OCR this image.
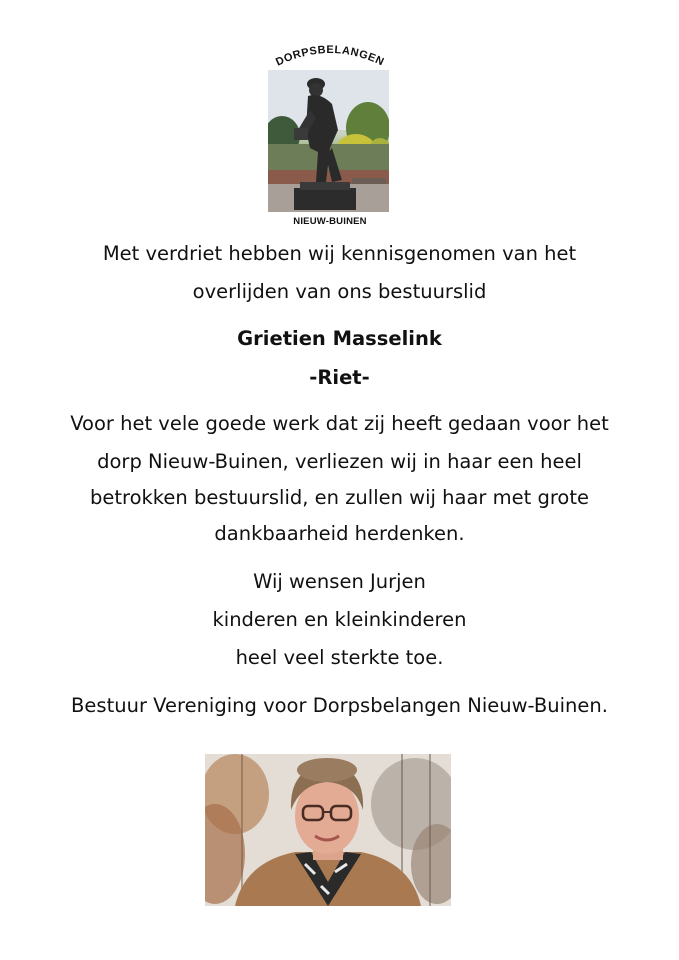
DORPSBELANGEN
NIEUW-BUINEN
Met verdriet hebben wij kennisgenomen van het
overlijden van ons bestuurslid
Grietien Masselink
-Riet-
Voor het vele goede werk dat zij heeft gedaan voor het
dorp Nieuw-Buinen, verliezen wij in haar een heel
betrokken bestuurslid, en zullen wij haar met grote
dankbaarheid herdenken.
Wij wensen Jurjen
kinderen en kleinkinderen
heel veel sterkte toe.
Bestuur Vereniging voor Dorpsbelangen Nieuw-Buinen.
